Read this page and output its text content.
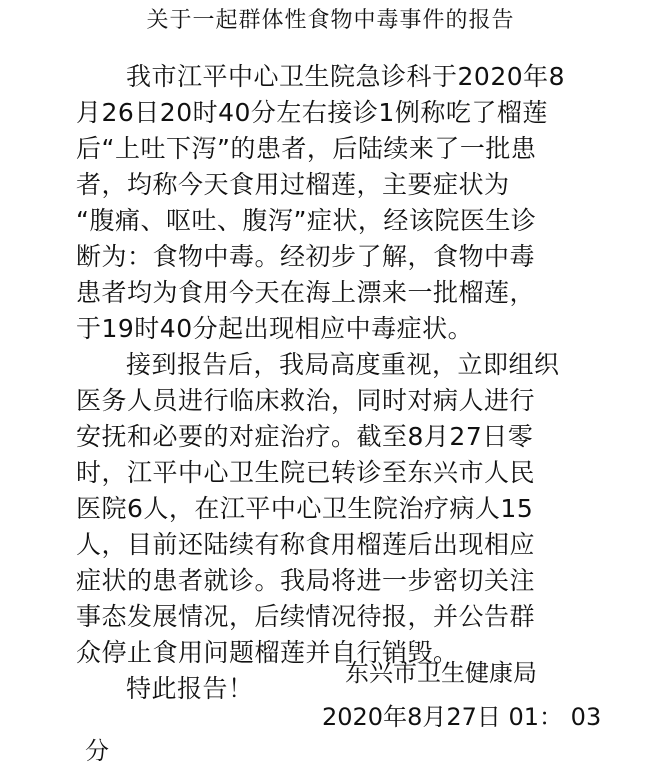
关于一起群体性食物中毒事件的报告
我市江平中心卫生院急诊科于2020年8
月26日20时40分左右接诊1例称吃了榴莲
后“上吐下泻”的患者，后陆续来了一批患
者，均称今天食用过榴莲，主要症状为
“腹痛、呕吐、腹泻”症状，经该院医生诊
断为：食物中毒。经初步了解，食物中毒
患者均为食用今天在海上漂来一批榴莲，
于19时40分起出现相应中毒症状。
接到报告后，我局高度重视，立即组织
医务人员进行临床救治，同时对病人进行
安抚和必要的对症治疗。截至8月27日零
时，江平中心卫生院已转诊至东兴市人民
医院6人，在江平中心卫生院治疗病人15
人，目前还陆续有称食用榴莲后出现相应
症状的患者就诊。我局将进一步密切关注
事态发展情况，后续情况待报，并公告群
众停止食用问题榴莲并自行销毁。
特此报告！
东兴市卫生健康局
2020年8月27日 01： 03
分
